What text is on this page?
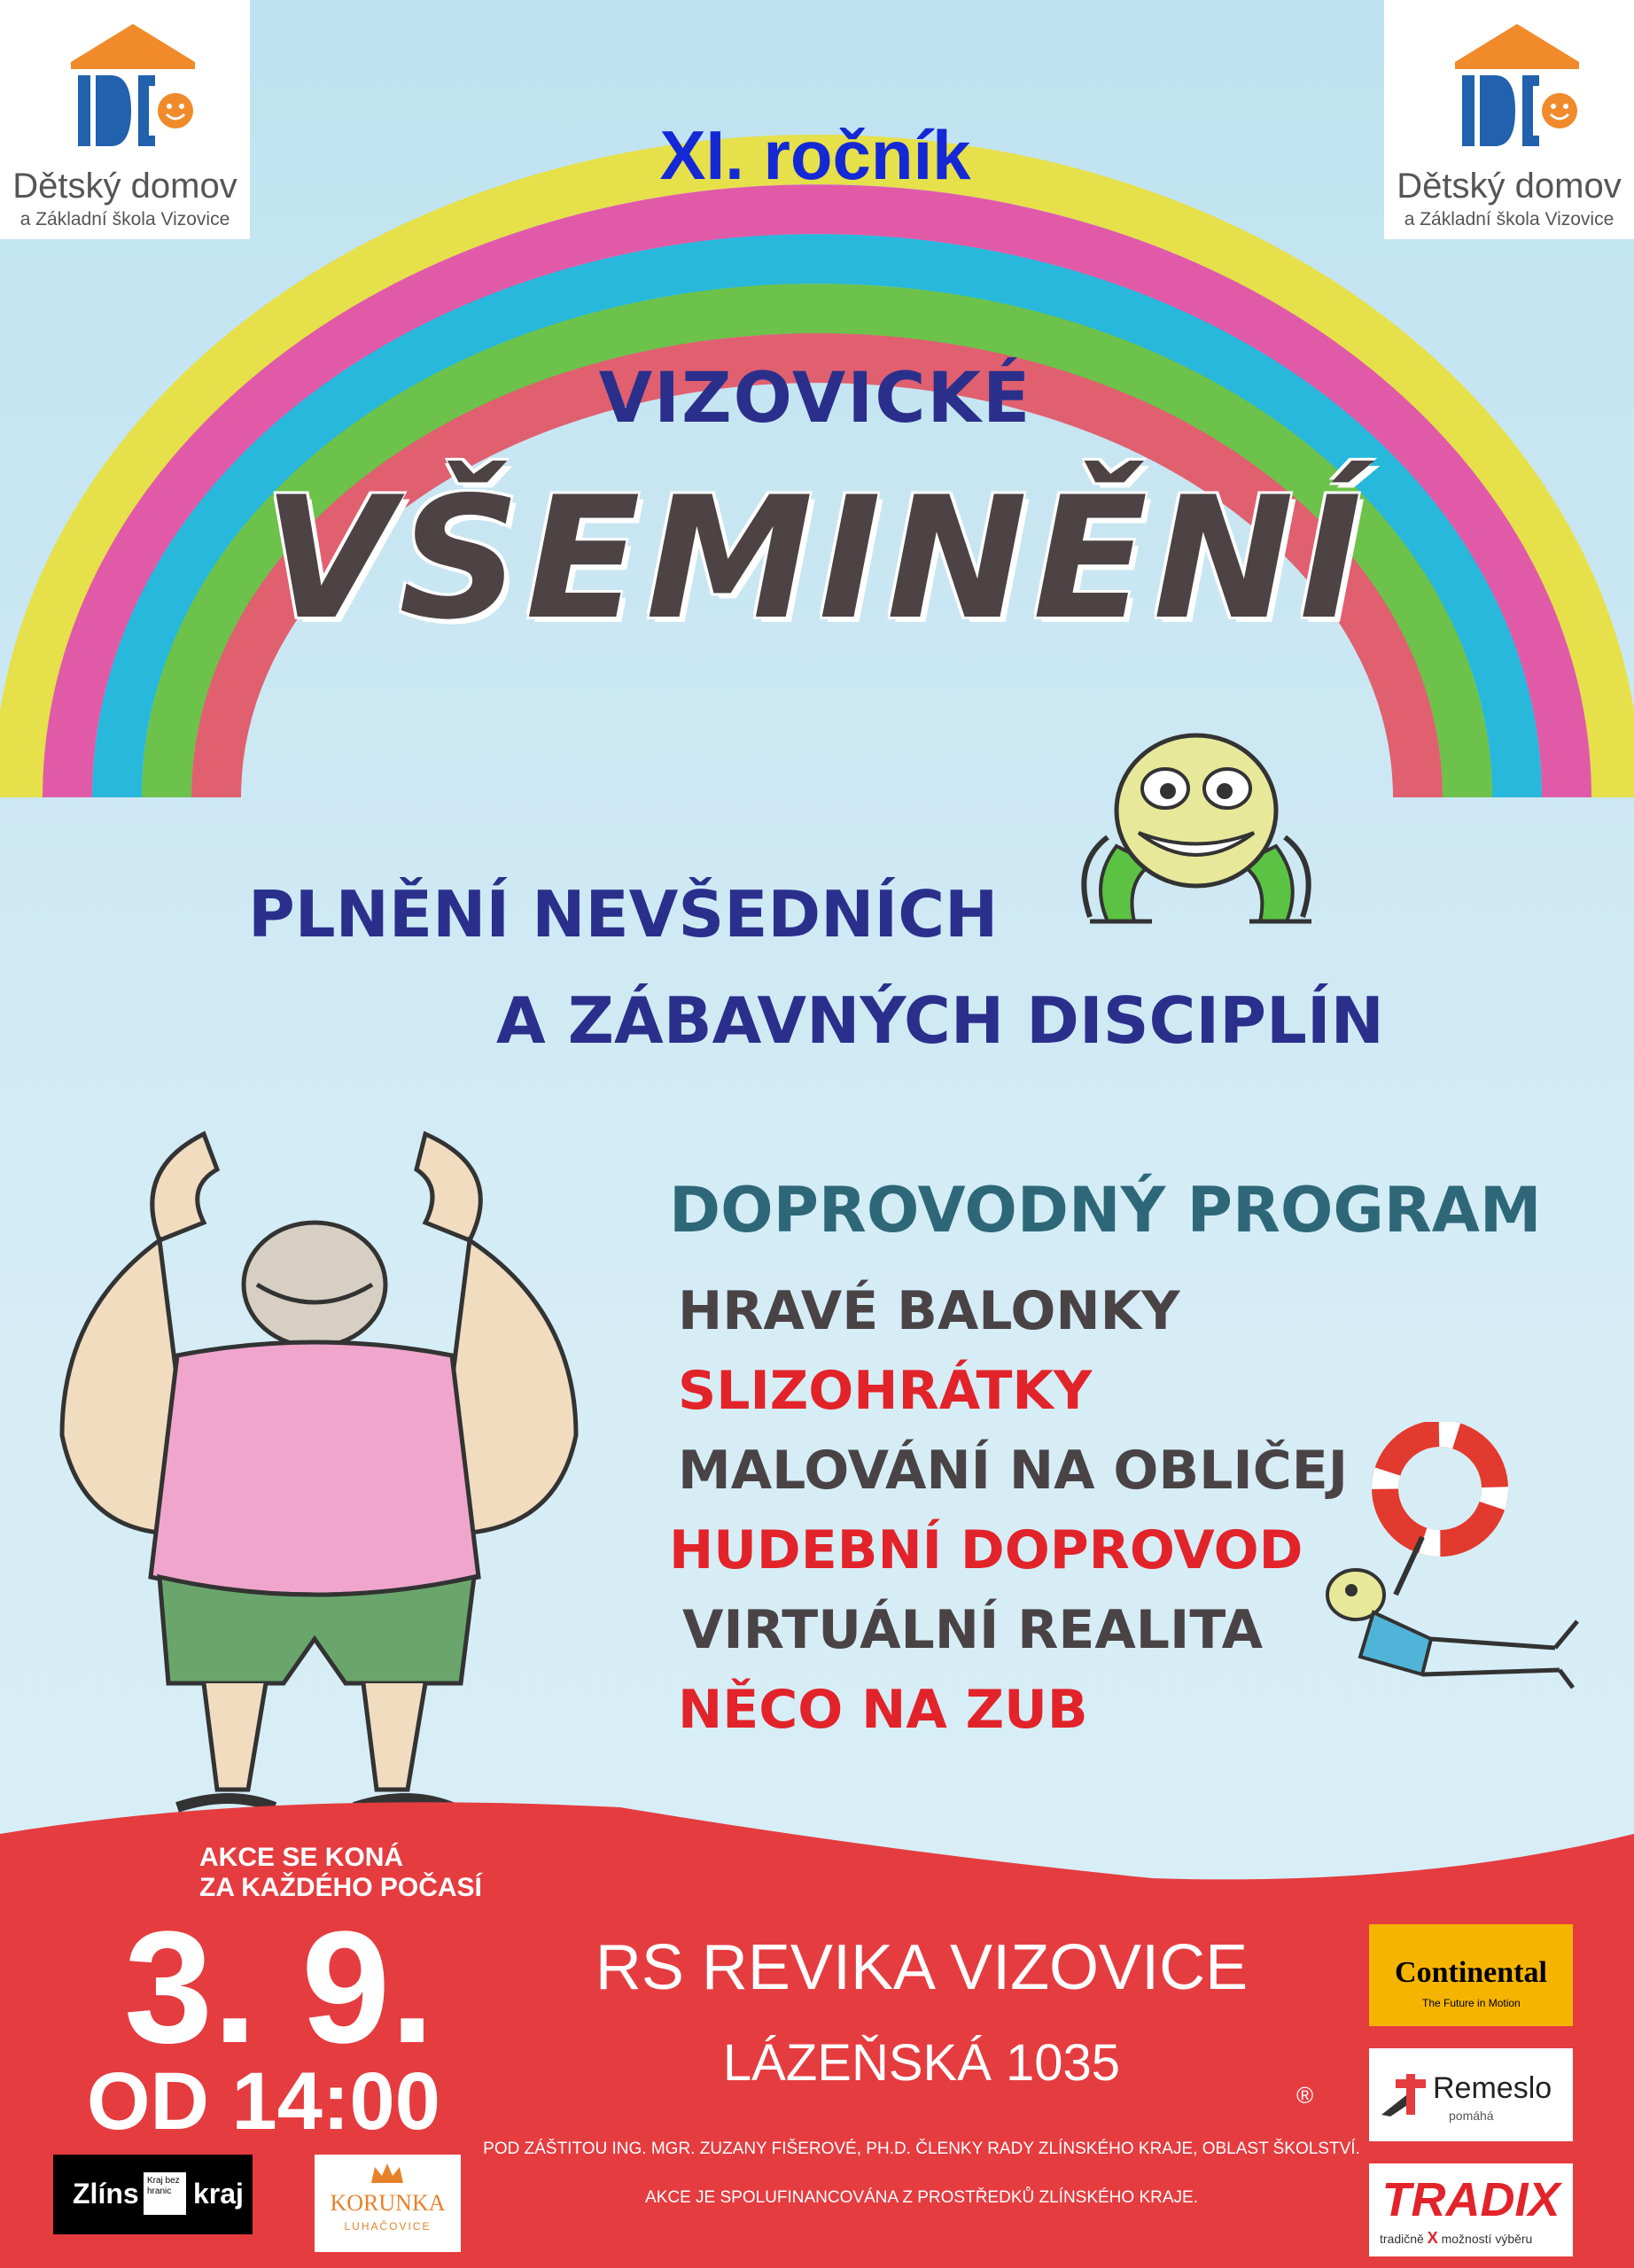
Dětský domov
a Základní škola Vizovice
Dětský domov
a Základní škola Vizovice
XI. ročník
VIZOVICKÉ
VŠEMINĚNÍ
PLNĚNÍ NEVŠEDNÍCH
A ZÁBAVNÝCH DISCIPLÍN
DOPROVODNÝ PROGRAM
HRAVÉ BALONKY
SLIZOHRÁTKY
MALOVÁNÍ NA OBLIČEJ
HUDEBNÍ DOPROVOD
VIRTUÁLNÍ REALITA
NĚCO NA ZUB
AKCE SE KONÁ
ZA KAŽDÉHO POČASÍ
3. 9.
OD 14:00
RS REVIKA VIZOVICE
LÁZEŇSKÁ 1035
®
POD ZÁŠTITOU ING. MGR. ZUZANY FIŠEROVÉ, PH.D. ČLENKY RADY ZLÍNSKÉHO KRAJE, OBLAST ŠKOLSTVÍ.
AKCE JE SPOLUFINANCOVÁNA Z PROSTŘEDKŮ ZLÍNSKÉHO KRAJE.
Zlíns Kraj bez hranic kraj	KORUNKA
LUHAČOVICE
Continental
The Future in Motion
Remeslo
pomáhá
TRADIX
tradičně X možností výběru
